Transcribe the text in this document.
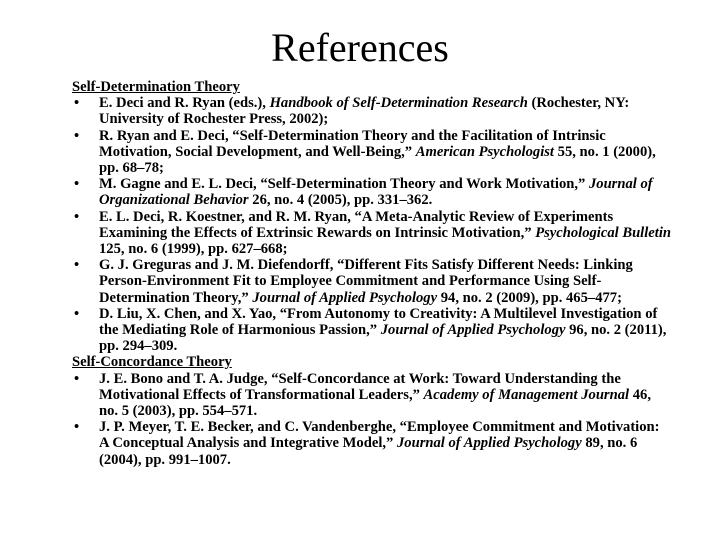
References

Self-Determination Theory

• E. Deci and R. Ryan (eds.), Handbook of Self-Determination Research (Rochester, NY: University of Rochester Press, 2002);
• R. Ryan and E. Deci, “Self-Determination Theory and the Facilitation of Intrinsic Motivation, Social Development, and Well-Being,” American Psychologist 55, no. 1 (2000), pp. 68–78;
• M. Gagne and E. L. Deci, “Self-Determination Theory and Work Motivation,” Journal of Organizational Behavior 26, no. 4 (2005), pp. 331–362.
• E. L. Deci, R. Koestner, and R. M. Ryan, “A Meta-Analytic Review of Experiments Examining the Effects of Extrinsic Rewards on Intrinsic Motivation,” Psychological Bulletin 125, no. 6 (1999), pp. 627–668;
• G. J. Greguras and J. M. Diefendorff, “Different Fits Satisfy Different Needs: Linking Person-Environment Fit to Employee Commitment and Performance Using Self-Determination Theory,” Journal of Applied Psychology 94, no. 2 (2009), pp. 465–477;
• D. Liu, X. Chen, and X. Yao, “From Autonomy to Creativity: A Multilevel Investigation of the Mediating Role of Harmonious Passion,” Journal of Applied Psychology 96, no. 2 (2011), pp. 294–309.

Self-Concordance Theory

• J. E. Bono and T. A. Judge, “Self-Concordance at Work: Toward Understanding the Motivational Effects of Transformational Leaders,” Academy of Management Journal 46, no. 5 (2003), pp. 554–571.
• J. P. Meyer, T. E. Becker, and C. Vandenberghe, “Employee Commitment and Motivation: A Conceptual Analysis and Integrative Model,” Journal of Applied Psychology 89, no. 6 (2004), pp. 991–1007.
